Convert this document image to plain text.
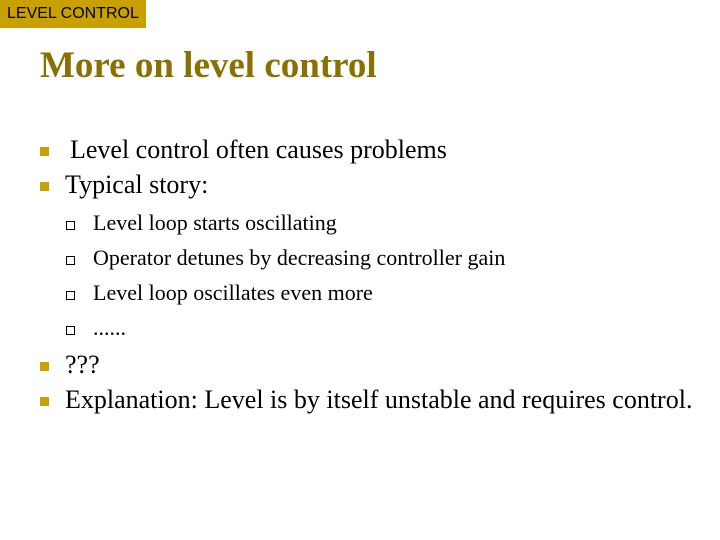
LEVEL CONTROL
More on level control
Level control often causes problems
Typical story:
Level loop starts oscillating
Operator detunes by decreasing controller gain
Level loop oscillates even more
......
???
Explanation: Level is by itself unstable and requires control.
